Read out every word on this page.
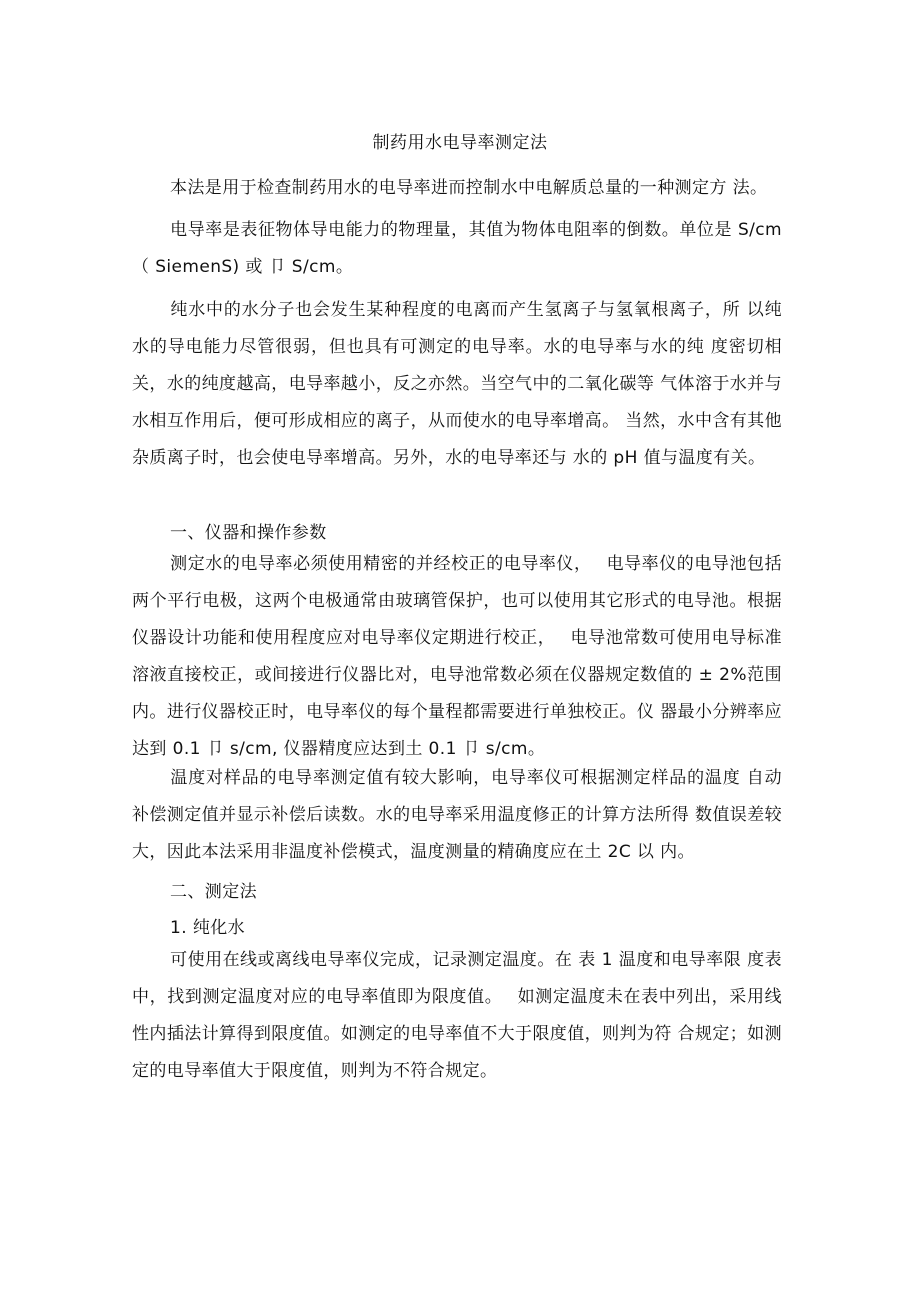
制药用水电导率测定法
本法是用于检查制药用水的电导率进而控制水中电解质总量的一种测定方 法。
电导率是表征物体导电能力的物理量，其值为物体电阻率的倒数。单位是 S/cm （ SiemenS) 或 卩 S/cm。
纯水中的水分子也会发生某种程度的电离而产生氢离子与氢氧根离子，所 以纯水的导电能力尽管很弱，但也具有可测定的电导率。水的电导率与水的纯 度密切相关，水的纯度越高，电导率越小，反之亦然。当空气中的二氧化碳等 气体溶于水并与水相互作用后，便可形成相应的离子，从而使水的电导率增高。 当然，水中含有其他杂质离子时，也会使电导率增高。另外，水的电导率还与 水的 pH 值与温度有关。
一、仪器和操作参数
测定水的电导率必须使用精密的并经校正的电导率仪，　 电导率仪的电导池包括两个平行电极，这两个电极通常由玻璃管保护，也可以使用其它形式的电导池。根据仪器设计功能和使用程度应对电导率仪定期进行校正，　 电导池常数可使用电导标准溶液直接校正，或间接进行仪器比对，电导池常数必须在仪器规定数值的 ± 2%范围内。进行仪器校正时，电导率仪的每个量程都需要进行单独校正。仪 器最小分辨率应达到 0.1 卩 s/cm, 仪器精度应达到土 0.1 卩 s/cm。
温度对样品的电导率测定值有较大影响，电导率仪可根据测定样品的温度 自动补偿测定值并显示补偿后读数。水的电导率采用温度修正的计算方法所得 数值误差较大，因此本法采用非温度补偿模式，温度测量的精确度应在土 2C 以 内。
二、测定法
1. 纯化水
可使用在线或离线电导率仪完成，记录测定温度。在 表 1 温度和电导率限 度表中，找到测定温度对应的电导率值即为限度值。　 如测定温度未在表中列出，采用线性内插法计算得到限度值。如测定的电导率值不大于限度值，则判为符 合规定；如测定的电导率值大于限度值，则判为不符合规定。
